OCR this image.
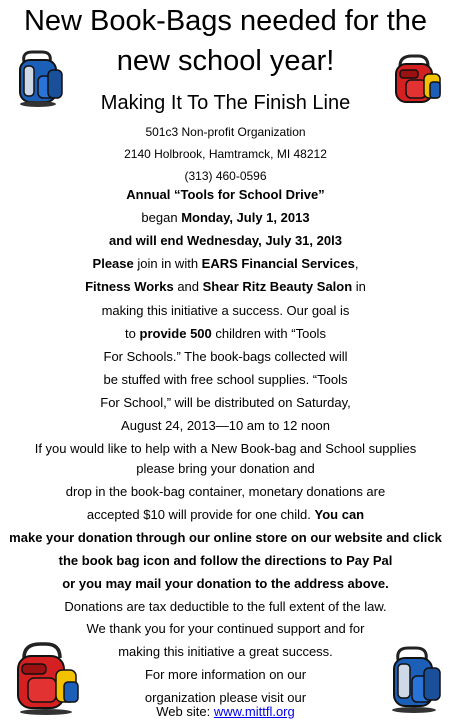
New Book-Bags needed for the
new school year!
Making It To The Finish Line
501c3 Non-profit Organization
2140 Holbrook, Hamtramck, MI 48212
(313) 460-0596
Annual “Tools for School Drive”
began Monday, July 1, 2013
and will end Wednesday, July 31, 20l3
Please join in with EARS Financial Services,
Fitness Works and Shear Ritz Beauty Salon in
making this initiative a success. Our goal is
to provide 500 children with “Tools
For Schools.” The book-bags collected will
be stuffed with free school supplies. “Tools
For School,” will be distributed on Saturday,
August 24, 2013—10 am to 12 noon
If you would like to help with a New Book-bag and School supplies
please bring your donation and
drop in the book-bag container, monetary donations are
accepted $10 will provide for one child. You can
make your donation through our online store on our website and click
the book bag icon and follow the directions to Pay Pal
or you may mail your donation to the address above.
Donations are tax deductible to the full extent of the law.
We thank you for your continued support and for
making this initiative a great success.
For more information on our
organization please visit our
Web site: www.mittfl.org
